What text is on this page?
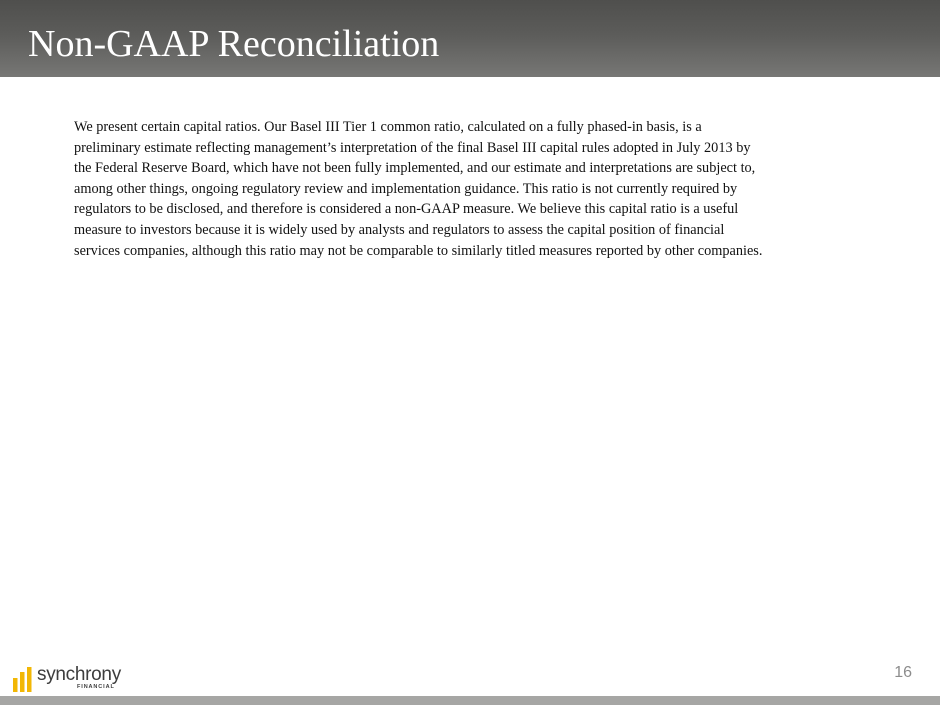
Non-GAAP Reconciliation

We present certain capital ratios. Our Basel III Tier 1 common ratio, calculated on a fully phased-in basis, is a
preliminary estimate reflecting management’s interpretation of the final Basel III capital rules adopted in July 2013 by
the Federal Reserve Board, which have not been fully implemented, and our estimate and interpretations are subject to,
among other things, ongoing regulatory review and implementation guidance. This ratio is not currently required by
regulators to be disclosed, and therefore is considered a non-GAAP measure. We believe this capital ratio is a useful
measure to investors because it is widely used by analysts and regulators to assess the capital position of financial
services companies, although this ratio may not be comparable to similarly titled measures reported by other companies.

synchrony
FINANCIAL
16
